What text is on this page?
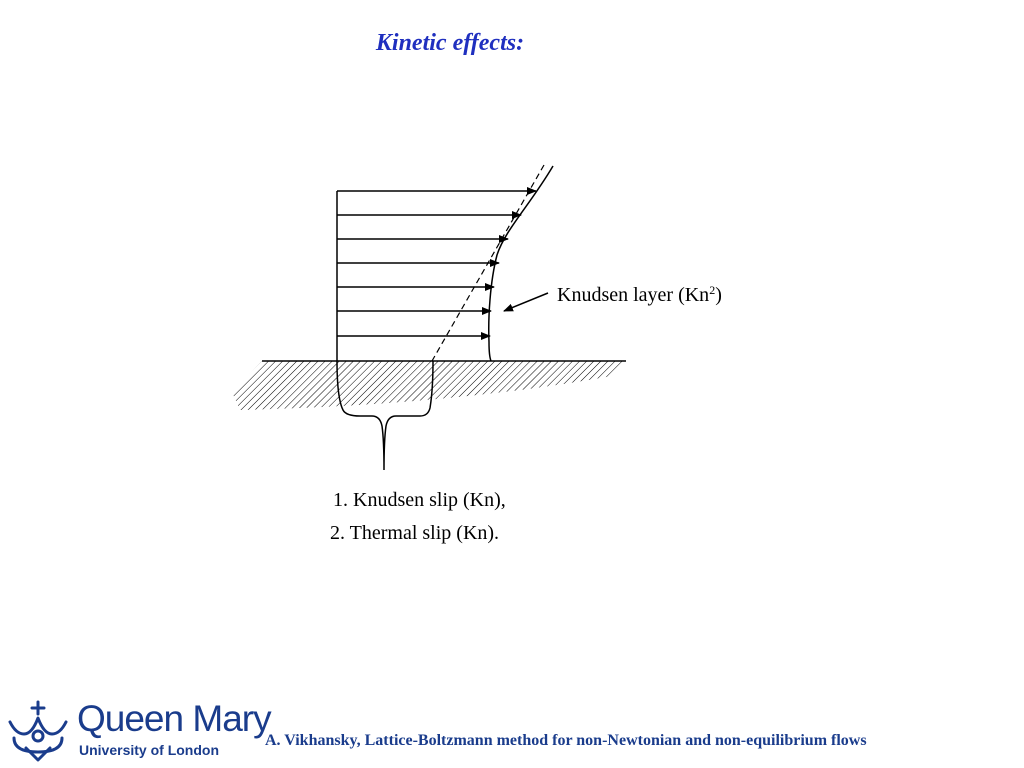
Kinetic effects:
Knudsen layer (Kn$^2$)
1. Knudsen slip (Kn),
2. Thermal slip (Kn).
Queen Mary
University of London
A. Vikhansky, Lattice-Boltzmann method for non-Newtonian and non-equilibrium flows
